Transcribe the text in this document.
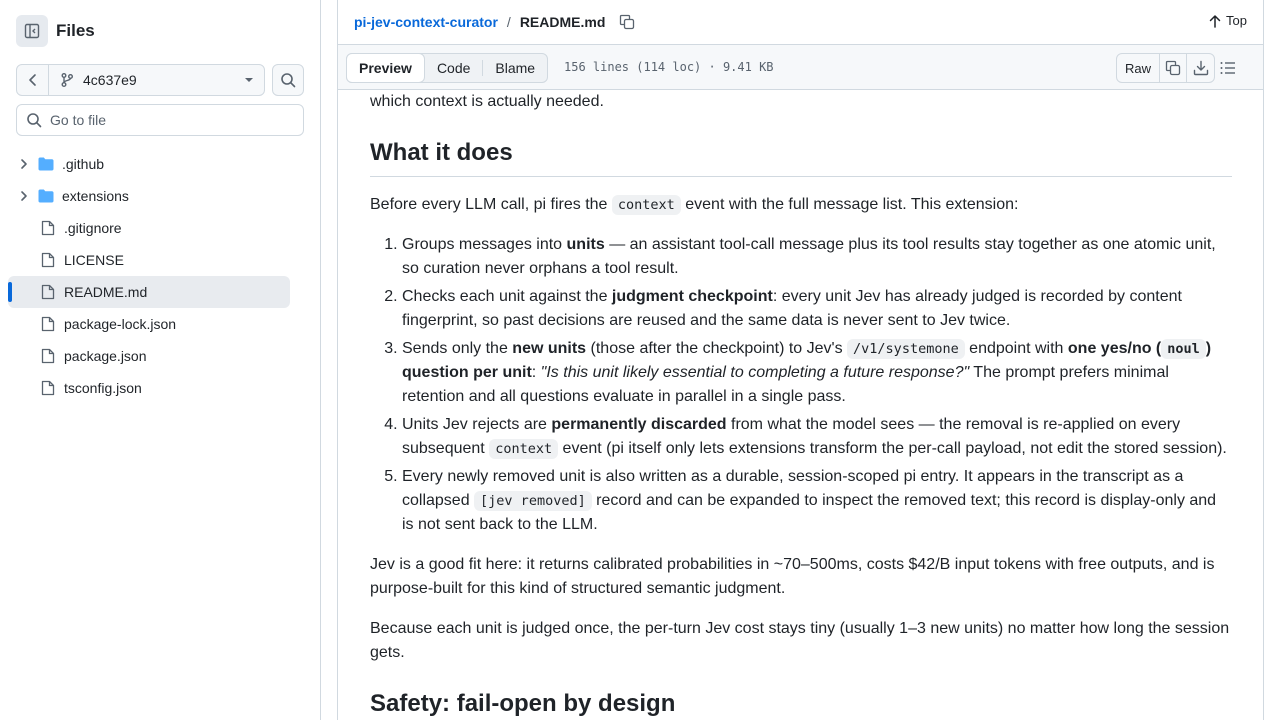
Files
4c637e9
Go to file
.github
extensions
.gitignore
LICENSE
README.md
package-lock.json
package.json
tsconfig.json
pi-jev-context-curator / README.md	Top
Preview	Code	Blame	156 lines (114 loc) · 9.41 KB	Raw

which context is actually needed.

What it does

Before every LLM call, pi fires the context event with the full message list. This extension:

1. Groups messages into units — an assistant tool-call message plus its tool results stay together as one atomic unit, so curation never orphans a tool result.
2. Checks each unit against the judgment checkpoint: every unit Jev has already judged is recorded by content fingerprint, so past decisions are reused and the same data is never sent to Jev twice.
3. Sends only the new units (those after the checkpoint) to Jev's /v1/systemone endpoint with one yes/no ( noul ) question per unit: "Is this unit likely essential to completing a future response?" The prompt prefers minimal retention and all questions evaluate in parallel in a single pass.
4. Units Jev rejects are permanently discarded from what the model sees — the removal is re-applied on every subsequent context event (pi itself only lets extensions transform the per-call payload, not edit the stored session).
5. Every newly removed unit is also written as a durable, session-scoped pi entry. It appears in the transcript as a collapsed [jev removed] record and can be expanded to inspect the removed text; this record is display-only and is not sent back to the LLM.

Jev is a good fit here: it returns calibrated probabilities in ~70–500ms, costs $42/B input tokens with free outputs, and is purpose-built for this kind of structured semantic judgment.

Because each unit is judged once, the per-turn Jev cost stays tiny (usually 1–3 new units) no matter how long the session gets.

Safety: fail-open by design
